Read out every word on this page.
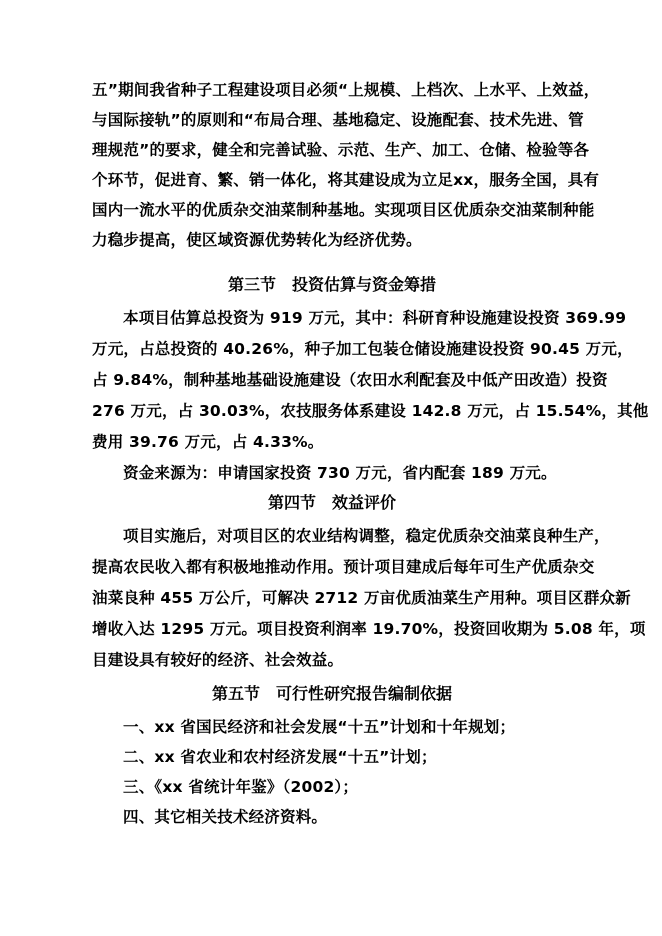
五”期间我省种子工程建设项目必须“上规模、上档次、上水平、上效益，
与国际接轨”的原则和“布局合理、基地稳定、设施配套、技术先进、管
理规范”的要求，健全和完善试验、示范、生产、加工、仓储、检验等各
个环节，促进育、繁、销一体化，将其建设成为立足xx，服务全国，具有
国内一流水平的优质杂交油菜制种基地。实现项目区优质杂交油菜制种能
力稳步提高，使区域资源优势转化为经济优势。
第三节　投资估算与资金筹措
本项目估算总投资为 919 万元，其中：科研育种设施建设投资 369.99
万元，占总投资的 40.26%，种子加工包装仓储设施建设投资 90.45 万元，
占 9.84%，制种基地基础设施建设（农田水利配套及中低产田改造）投资
276 万元，占 30.03%，农技服务体系建设 142.8 万元，占 15.54%，其他
费用 39.76 万元，占 4.33%。
资金来源为：申请国家投资 730 万元，省内配套 189 万元。
第四节　效益评价
项目实施后，对项目区的农业结构调整，稳定优质杂交油菜良种生产，
提高农民收入都有积极地推动作用。预计项目建成后每年可生产优质杂交
油菜良种 455 万公斤，可解决 2712 万亩优质油菜生产用种。项目区群众新
增收入达 1295 万元。项目投资利润率 19.70%，投资回收期为 5.08 年，项
目建设具有较好的经济、社会效益。
第五节　可行性研究报告编制依据
一、xx 省国民经济和社会发展“十五”计划和十年规划；
二、xx 省农业和农村经济发展“十五”计划；
三、《xx 省统计年鉴》（2002）；
四、其它相关技术经济资料。
